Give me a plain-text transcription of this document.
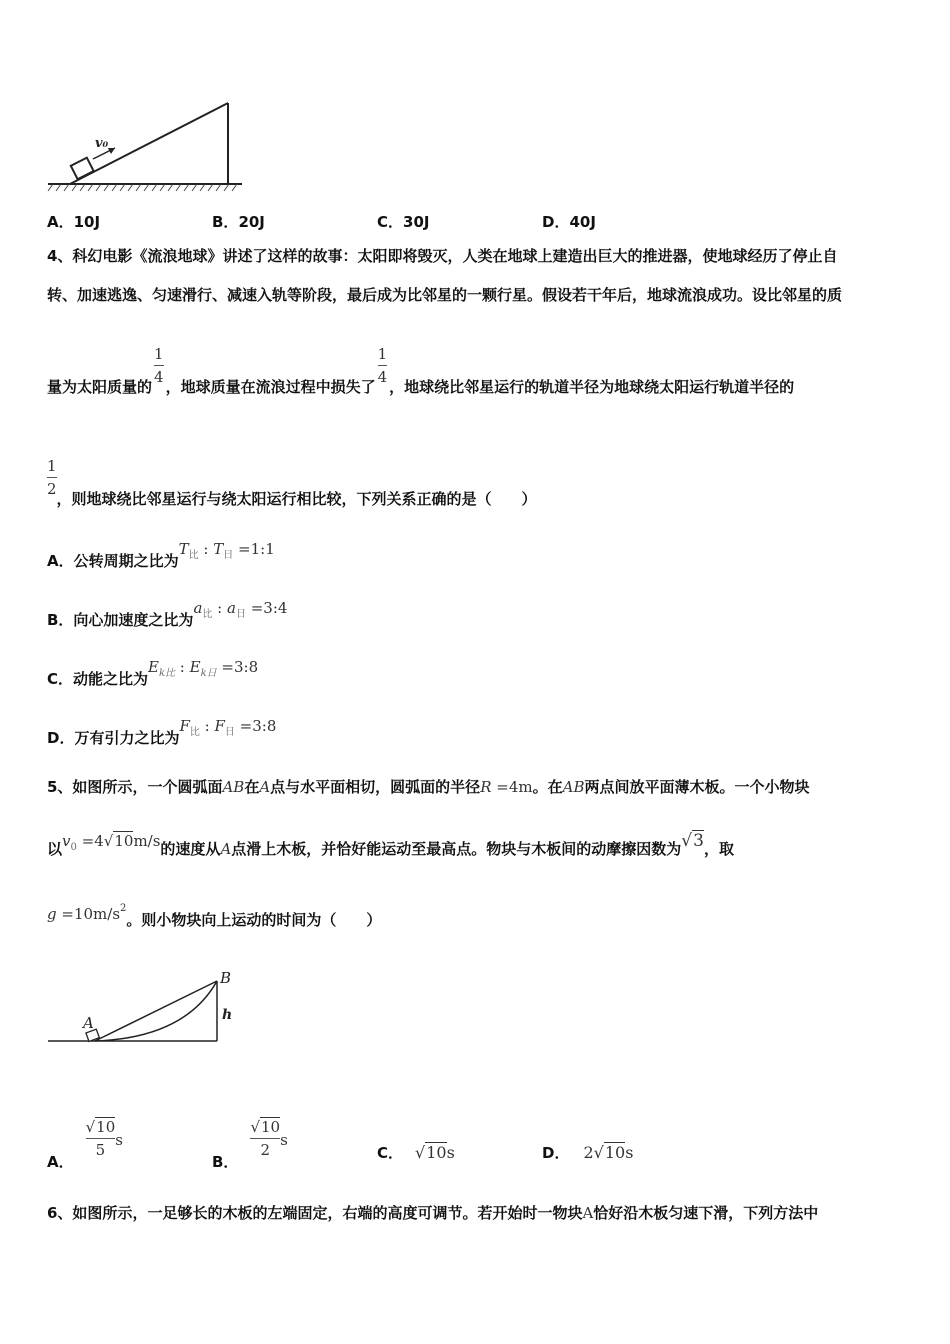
v₀
A．10J	B．20J	C．30J	D．40J
4、科幻电影《流浪地球》讲述了这样的故事：太阳即将毁灭，人类在地球上建造出巨大的推进器，使地球经历了停止自
转、加速逃逸、匀速滑行、减速入轨等阶段，最后成为比邻星的一颗行星。假设若干年后，地球流浪成功。设比邻星的质
量为太阳质量的
$\frac{1}{4}$
，地球质量在流浪过程中损失了
$\frac{1}{4}$
，地球绕比邻星运行的轨道半径为地球绕太阳运行轨道半径的
$\frac{1}{2}$
，则地球绕比邻星运行与绕太阳运行相比较，下列关系正确的是（　　）
A．公转周期之比为$T_比$ : $T_日$ =1:1
B．向心加速度之比为$a_比$ : $a_日$ =3:4
C．动能之比为$E_{k比}$ : $E_{k日}$ =3:8
D．万有引力之比为$F_比$ : $F_日$ =3:8
5、如图所示，一个圆弧面AB在A点与水平面相切，圆弧面的半径R =4m。在AB两点间放平面薄木板。一个小物块
以$v_0 =4√10m/s$的速度从A点滑上木板，并恰好能运动至最高点。物块与木板间的动摩擦因数为√3，取
$g =10m/s^2$。则小物块向上运动的时间为（　　）
A
B
h
A．
$\frac{√10}{5}$ s
B．
$\frac{√10}{2}$ s
C． √10s	D． 2√10s
6、如图所示，一足够长的木板的左端固定，右端的高度可调节。若开始时一物块A恰好沿木板匀速下滑，下列方法中
